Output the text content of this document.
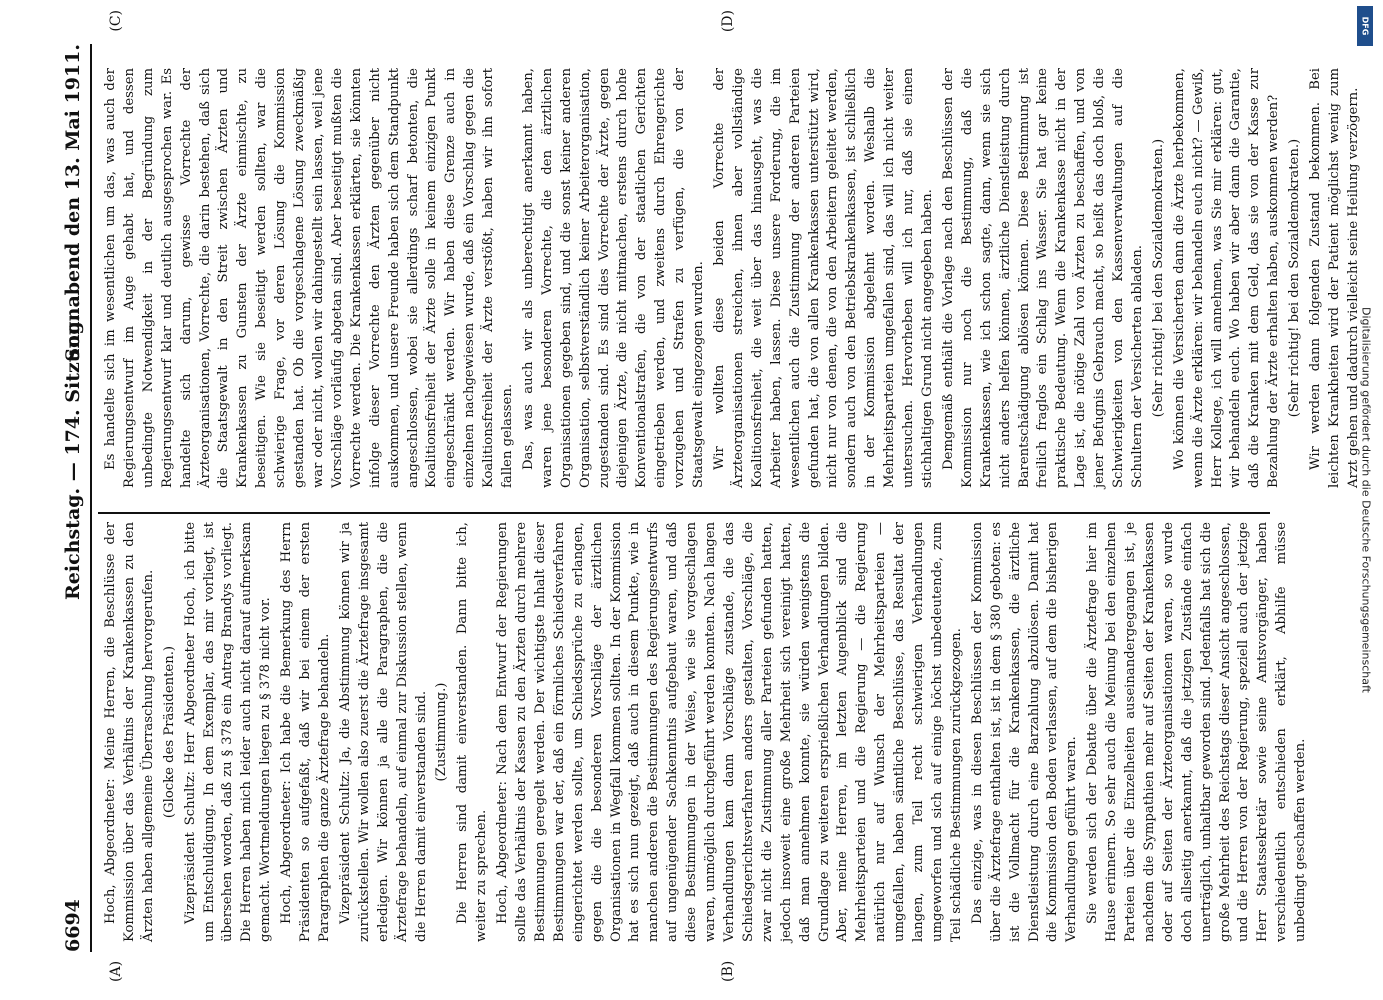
6694
Reichstag. — 174. Sitzung.
Sonnabend den 13. Mai 1911.
(A)	(B)
(C)	(D)

Hoch, Abgeordneter: Meine Herren, die Beschlüsse der Kommission über das Verhältnis der Krankenkassen zu den Ärzten haben allgemeine Überraschung hervorgerufen. (Glocke des Präsidenten.) Vizepräsident Schultz: Herr Abgeordneter Hoch, ich bitte um Entschuldigung. In dem Exemplar, das mir vorliegt, ist übersehen worden, daß zu § 378 ein Antrag Brandys vorliegt. Die Herren haben mich leider auch nicht darauf aufmerksam gemacht. Wortmeldungen liegen zu § 378 nicht vor. Hoch, Abgeordneter: Ich habe die Bemerkung des Herrn Präsidenten so aufgefaßt, daß wir bei einem der ersten Paragraphen die ganze Ärztefrage behandeln. Vizepräsident Schultz: Ja, die Abstimmung können wir ja zurückstellen. Wir wollen also zuerst die Ärztefrage insgesamt erledigen. Wir können ja alle die Paragraphen, die die Ärztefrage behandeln, auf einmal zur Diskussion stellen, wenn die Herren damit einverstanden sind. (Zustimmung.) Die Herren sind damit einverstanden. Dann bitte ich, weiter zu sprechen. Hoch, Abgeordneter: Nach dem Entwurf der Regierungen sollte das Verhältnis der Kassen zu den Ärzten durch mehrere Bestimmungen geregelt werden. Der wichtigste Inhalt dieser Bestimmungen war der, daß ein förmliches Schiedsverfahren eingerichtet werden sollte, um Schiedssprüche zu erlangen, gegen die die besonderen Vorschläge der ärztlichen Organisationen in Wegfall kommen sollten. In der Kommission hat es sich nun gezeigt, daß auch in diesem Punkte, wie in manchen anderen die Bestimmungen des Regierungsentwurfs auf ungenügender Sachkenntnis aufgebaut waren, und daß diese Bestimmungen in der Weise, wie sie vorgeschlagen waren, unmöglich durchgeführt werden konnten. Nach langen Verhandlungen kam dann Vorschläge zustande, die das Schiedsgerichtsverfahren anders gestalten, Vorschläge, die zwar nicht die Zustimmung aller Parteien gefunden hatten, jedoch insoweit eine große Mehrheit sich vereinigt hatten, daß man annehmen konnte, sie würden wenigstens die Grundlage zu weiteren ersprießlichen Verhandlungen bilden. Aber, meine Herren, im letzten Augenblick sind die Mehrheitsparteien und die Regierung — die Regierung natürlich nur auf Wunsch der Mehrheitsparteien — umgefallen, haben sämtliche Beschlüsse, das Resultat der langen, zum Teil recht schwierigen Verhandlungen umgeworfen und sich auf einige höchst unbedeutende, zum Teil schädliche Bestimmungen zurückgezogen. Das einzige, was in diesen Beschlüssen der Kommission über die Ärztefrage enthalten ist, ist in dem § 380 geboten: es ist die Vollmacht für die Krankenkassen, die ärztliche Dienstleistung durch eine Barzahlung abzulösen. Damit hat die Kommission den Boden verlassen, auf dem die bisherigen Verhandlungen geführt waren. Sie werden sich der Debatte über die Ärztefrage hier im Hause erinnern. So sehr auch die Meinung bei den einzelnen Parteien über die Einzelheiten auseinandergegangen ist, je nachdem die Sympathien mehr auf Seiten der Krankenkassen oder auf Seiten der Ärzteorganisationen waren, so wurde doch allseitig anerkannt, daß die jetzigen Zustände einfach unerträglich, unhaltbar geworden sind. Jedenfalls hat sich die große Mehrheit des Reichstags dieser Ansicht angeschlossen, und die Herren von der Regierung, speziell auch der jetzige Herr Staatssekretär sowie seine Amtsvorgänger, haben verschiedentlich entschieden erklärt, Abhilfe müsse unbedingt geschaffen werden.

Es handelte sich im wesentlichen um das, was auch der Regierungsentwurf im Auge gehabt hat, und dessen unbedingte Notwendigkeit in der Begründung zum Regierungsentwurf klar und deutlich ausgesprochen war. Es handelte sich darum, gewisse Vorrechte der Ärzteorganisationen, Vorrechte, die darin bestehen, daß sich die Staatsgewalt in den Streit zwischen Ärzten und Krankenkassen zu Gunsten der Ärzte einmischte, zu beseitigen. Wie sie beseitigt werden sollten, war die schwierige Frage, vor deren Lösung die Kommission gestanden hat. Ob die vorgeschlagene Lösung zweckmäßig war oder nicht, wollen wir dahingestellt sein lassen, weil jene Vorschläge vorläufig abgetan sind. Aber beseitigt mußten die Vorrechte werden. Die Krankenkassen erklärten, sie könnten infolge dieser Vorrechte den Ärzten gegenüber nicht auskommen, und unsere Freunde haben sich dem Standpunkt angeschlossen, wobei sie allerdings scharf betonten, die Koalitionsfreiheit der Ärzte solle in keinem einzigen Punkt eingeschränkt werden. Wir haben diese Grenze auch in einzelnen nachgewiesen wurde, daß ein Vorschlag gegen die Koalitionsfreiheit der Ärzte verstößt, haben wir ihn sofort fallen gelassen. Das, was auch wir als unberechtigt anerkannt haben, waren jene besonderen Vorrechte, die den ärztlichen Organisationen gegeben sind, und die sonst keiner anderen Organisation, selbstverständlich keiner Arbeiterorganisation, zugestanden sind. Es sind dies Vorrechte der Ärzte, gegen diejenigen Ärzte, die nicht mitmachen, erstens durch hohe Konventionalstrafen, die von der staatlichen Gerichten eingetrieben werden, und zweitens durch Ehrengerichte vorzugehen und Strafen zu verfügen, die von der Staatsgewalt eingezogen wurden. Wir wollten diese beiden Vorrechte der Ärzteorganisationen streichen, ihnen aber vollständige Koalitionsfreiheit, die weit über das hinausgeht, was die Arbeiter haben, lassen. Diese unsere Forderung, die im wesentlichen auch die Zustimmung der anderen Parteien gefunden hat, die von allen Krankenkassen unterstützt wird, nicht nur von denen, die von den Arbeitern geleitet werden, sondern auch von den Betriebskrankenkassen, ist schließlich in der Kommission abgelehnt worden. Weshalb die Mehrheitsparteien umgefallen sind, das will ich nicht weiter untersuchen. Hervorheben will ich nur, daß sie einen stichhaltigen Grund nicht angegeben haben. Demgemäß enthält die Vorlage nach den Beschlüssen der Kommission nur noch die Bestimmung, daß die Krankenkassen, wie ich schon sagte, dann, wenn sie sich nicht anders helfen können, ärztliche Dienstleistung durch Barentschädigung ablösen können. Diese Bestimmung ist freilich fraglos ein Schlag ins Wasser. Sie hat gar keine praktische Bedeutung. Wenn die Krankenkasse nicht in der Lage ist, die nötige Zahl von Ärzten zu beschaffen, und von jener Befugnis Gebrauch macht, so heißt das doch bloß, die Schwierigkeiten von den Kassenverwaltungen auf die Schultern der Versicherten abladen. (Sehr richtig! bei den Sozialdemokraten.) Wo können die Versicherten dann die Ärzte herbekommen, wenn die Ärzte erklären: wir behandeln euch nicht? — Gewiß, Herr Kollege, ich will annehmen, was Sie mir erklären: gut, wir behandeln euch. Wo haben wir aber dann die Garantie, daß die Kranken mit dem Geld, das sie von der Kasse zur Bezahlung der Ärzte erhalten haben, auskommen werden? (Sehr richtig! bei den Sozialdemokraten.) Wir werden dann folgenden Zustand bekommen. Bei leichten Krankheiten wird der Patient möglichst wenig zum Arzt gehen und dadurch vielleicht seine Heilung verzögern.

DFG
Digitalisierung gefördert durch die Deutsche Forschungsgemeinschaft
